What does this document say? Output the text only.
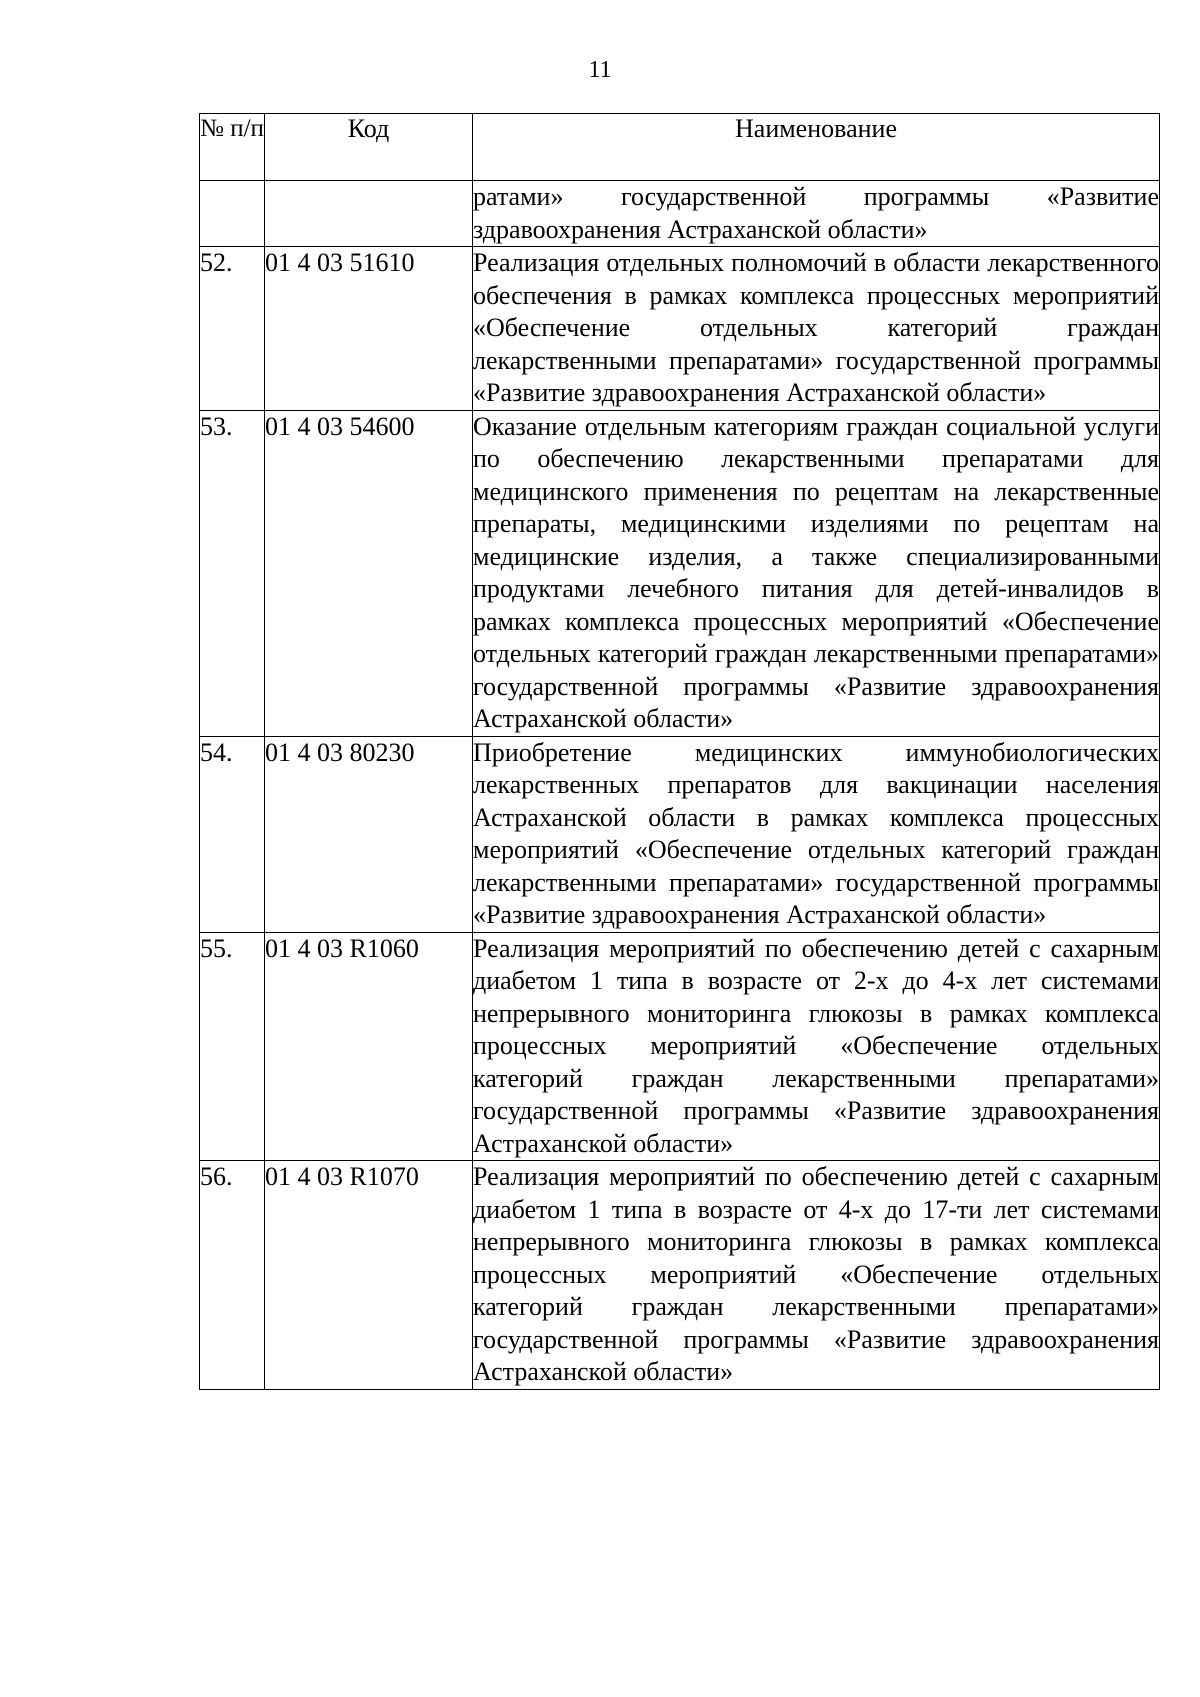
11
№ п/п	Код	Наименование
		ратами» государственной программы «Развитие здравоохранения Астраханской области»
52.	01 4 03 51610	Реализация отдельных полномочий в области лекарственного обеспечения в рамках комплекса процессных мероприятий «Обеспечение отдельных категорий граждан лекарственными препаратами» государственной программы «Развитие здравоохранения Астраханской области»
53.	01 4 03 54600	Оказание отдельным категориям граждан социальной услуги по обеспечению лекарственными препаратами для медицинского применения по рецептам на лекарственные препараты, медицинскими изделиями по рецептам на медицинские изделия, а также специализированными продуктами лечебного питания для детей-инвалидов в рамках комплекса процессных мероприятий «Обеспечение отдельных категорий граждан лекарственными препаратами» государственной программы «Развитие здравоохранения Астраханской области»
54.	01 4 03 80230	Приобретение медицинских иммунобиологических лекарственных препаратов для вакцинации населения Астраханской области в рамках комплекса процессных мероприятий «Обеспечение отдельных категорий граждан лекарственными препаратами» государственной программы «Развитие здравоохранения Астраханской области»
55.	01 4 03 R1060	Реализация мероприятий по обеспечению детей с сахарным диабетом 1 типа в возрасте от 2-х до 4-х лет системами непрерывного мониторинга глюкозы в рамках комплекса процессных мероприятий «Обеспечение отдельных категорий граждан лекарственными препаратами» государственной программы «Развитие здравоохранения Астраханской области»
56.	01 4 03 R1070	Реализация мероприятий по обеспечению детей с сахарным диабетом 1 типа в возрасте от 4-х до 17-ти лет системами непрерывного мониторинга глюкозы в рамках комплекса процессных мероприятий «Обеспечение отдельных категорий граждан лекарственными препаратами» государственной программы «Развитие здравоохранения Астраханской области»
